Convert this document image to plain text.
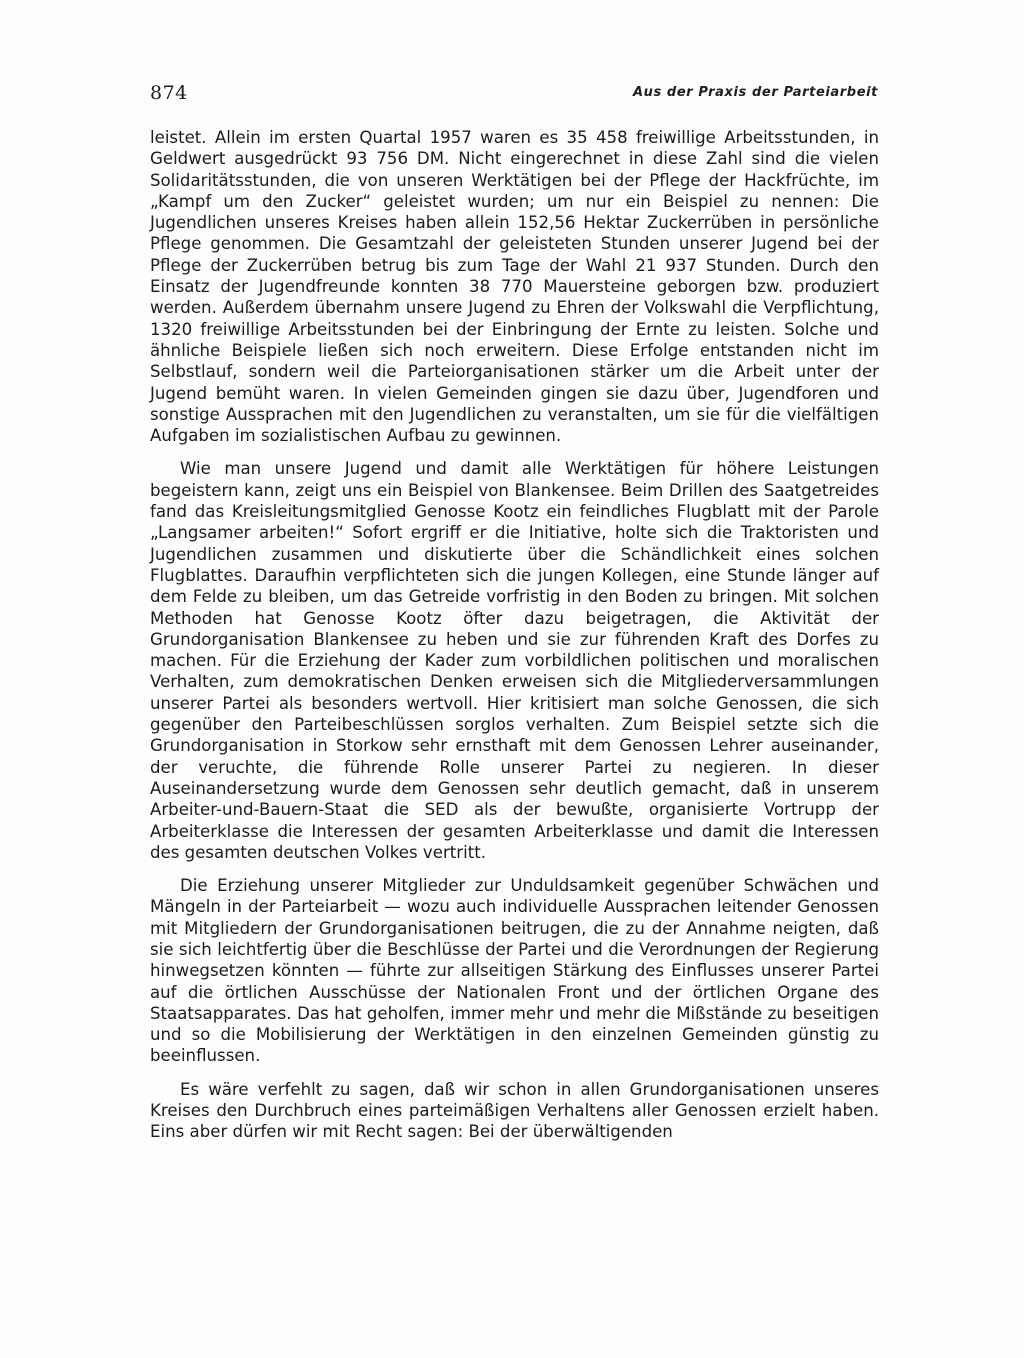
874	Aus der Praxis der Parteiarbeit

leistet. Allein im ersten Quartal 1957 waren es 35 458 freiwillige Arbeitsstunden, in Geldwert ausgedrückt 93 756 DM. Nicht eingerechnet in diese Zahl sind die vielen Solidaritätsstunden, die von unseren Werktätigen bei der Pflege der Hackfrüchte, im „Kampf um den Zucker“ geleistet wurden; um nur ein Beispiel zu nennen: Die Jugendlichen unseres Kreises haben allein 152,56 Hektar Zuckerrüben in persönliche Pflege genommen. Die Gesamtzahl der geleisteten Stunden unserer Jugend bei der Pflege der Zuckerrüben betrug bis zum Tage der Wahl 21 937 Stunden. Durch den Einsatz der Jugendfreunde konnten 38 770 Mauersteine geborgen bzw. produziert werden. Außerdem übernahm unsere Jugend zu Ehren der Volkswahl die Verpflichtung, 1320 freiwillige Arbeitsstunden bei der Einbringung der Ernte zu leisten. Solche und ähnliche Beispiele ließen sich noch erweitern. Diese Erfolge entstanden nicht im Selbstlauf, sondern weil die Parteiorganisationen stärker um die Arbeit unter der Jugend bemüht waren. In vielen Gemeinden gingen sie dazu über, Jugendforen und sonstige Aussprachen mit den Jugendlichen zu veranstalten, um sie für die vielfältigen Aufgaben im sozialistischen Aufbau zu gewinnen.

Wie man unsere Jugend und damit alle Werktätigen für höhere Leistungen begeistern kann, zeigt uns ein Beispiel von Blankensee. Beim Drillen des Saatgetreides fand das Kreisleitungsmitglied Genosse Kootz ein feindliches Flugblatt mit der Parole „Langsamer arbeiten!“ Sofort ergriff er die Initiative, holte sich die Traktoristen und Jugendlichen zusammen und diskutierte über die Schändlichkeit eines solchen Flugblattes. Daraufhin verpflichteten sich die jungen Kollegen, eine Stunde länger auf dem Felde zu bleiben, um das Getreide vorfristig in den Boden zu bringen. Mit solchen Methoden hat Genosse Kootz öfter dazu beigetragen, die Aktivität der Grundorganisation Blankensee zu heben und sie zur führenden Kraft des Dorfes zu machen. Für die Erziehung der Kader zum vorbildlichen politischen und moralischen Verhalten, zum demokratischen Denken erweisen sich die Mitgliederversammlungen unserer Partei als besonders wertvoll. Hier kritisiert man solche Genossen, die sich gegenüber den Parteibeschlüssen sorglos verhalten. Zum Beispiel setzte sich die Grundorganisation in Storkow sehr ernsthaft mit dem Genossen Lehrer auseinander, der veruchte, die führende Rolle unserer Partei zu negieren. In dieser Auseinandersetzung wurde dem Genossen sehr deutlich gemacht, daß in unserem Arbeiter-und-Bauern-Staat die SED als der bewußte, organisierte Vortrupp der Arbeiterklasse die Interessen der gesamten Arbeiterklasse und damit die Interessen des gesamten deutschen Volkes vertritt.

Die Erziehung unserer Mitglieder zur Unduldsamkeit gegenüber Schwächen und Mängeln in der Parteiarbeit — wozu auch individuelle Aussprachen leitender Genossen mit Mitgliedern der Grundorganisationen beitrugen, die zu der Annahme neigten, daß sie sich leichtfertig über die Beschlüsse der Partei und die Verordnungen der Regierung hinwegsetzen könnten — führte zur allseitigen Stärkung des Einflusses unserer Partei auf die örtlichen Ausschüsse der Nationalen Front und der örtlichen Organe des Staatsapparates. Das hat geholfen, immer mehr und mehr die Mißstände zu beseitigen und so die Mobilisierung der Werktätigen in den einzelnen Gemeinden günstig zu beeinflussen.

Es wäre verfehlt zu sagen, daß wir schon in allen Grundorganisationen unseres Kreises den Durchbruch eines parteimäßigen Verhaltens aller Genossen erzielt haben. Eins aber dürfen wir mit Recht sagen: Bei der überwältigenden
